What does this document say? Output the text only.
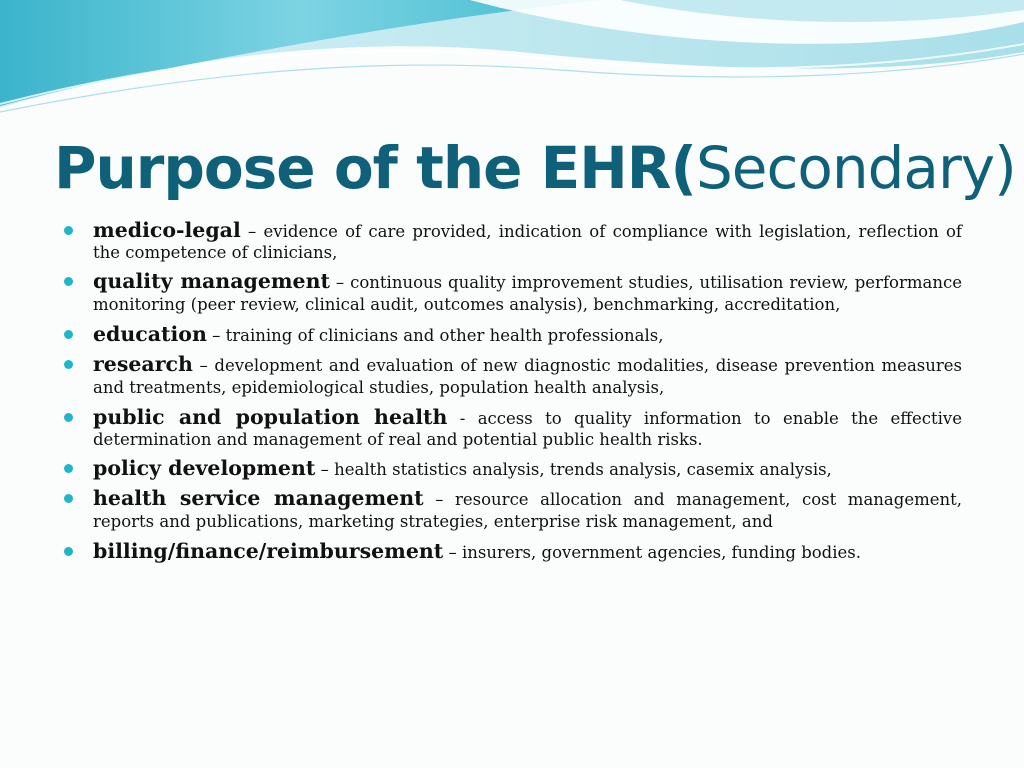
Purpose of the EHR(Secondary)
medico-legal – evidence of care provided, indication of compliance with legislation, reflection of the competence of clinicians,
quality management – continuous quality improvement studies, utilisation review, performance monitoring (peer review, clinical audit, outcomes analysis), benchmarking, accreditation,
education – training of clinicians and other health professionals,
research – development and evaluation of new diagnostic modalities, disease prevention measures and treatments, epidemiological studies, population health analysis,
public and population health - access to quality information to enable the effective determination and management of real and potential public health risks.
policy development – health statistics analysis, trends analysis, casemix analysis,
health service management – resource allocation and management, cost management, reports and publications, marketing strategies, enterprise risk management, and
billing/finance/reimbursement – insurers, government agencies, funding bodies.
